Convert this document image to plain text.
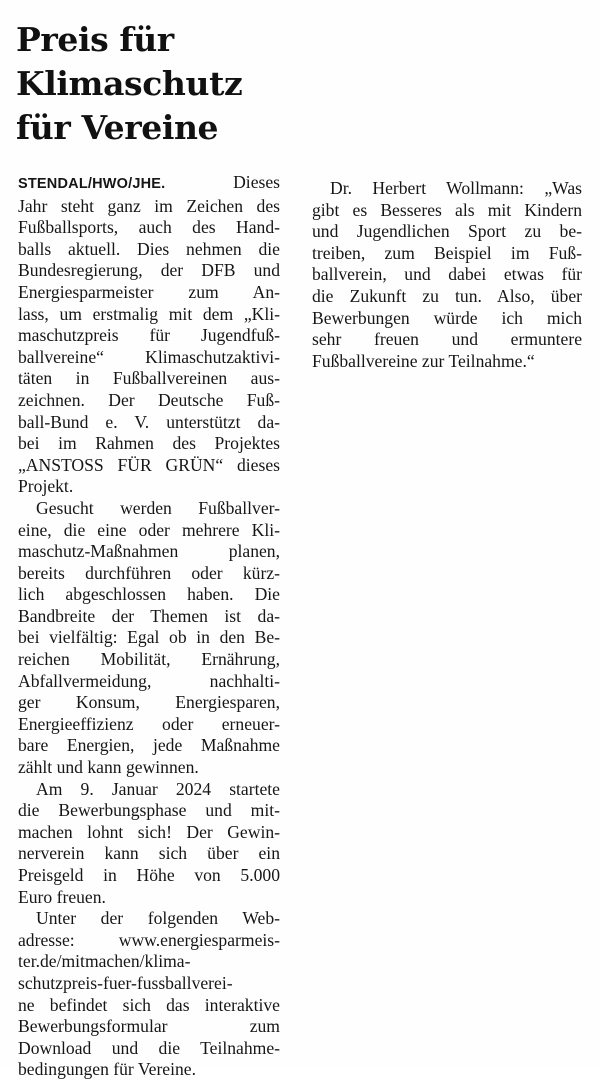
Preis für
Klimaschutz
für Vereine
STENDAL/HWO/JHE.	Dieses
Jahr steht ganz im Zeichen des
Fußballsports, auch des Hand-
balls aktuell. Dies nehmen die
Bundesregierung, der DFB und
Energiesparmeister zum An-
lass, um erstmalig mit dem „Kli-
maschutzpreis für Jugendfuß-
ballvereine“ Klimaschutzaktivi-
täten in Fußballvereinen aus-
zeichnen. Der Deutsche Fuß-
ball-Bund e. V. unterstützt da-
bei im Rahmen des Projektes
„ANSTOSS FÜR GRÜN“ dieses
Projekt.
Gesucht werden Fußballver-
eine, die eine oder mehrere Kli-
maschutz-Maßnahmen planen,
bereits durchführen oder kürz-
lich abgeschlossen haben. Die
Bandbreite der Themen ist da-
bei vielfältig: Egal ob in den Be-
reichen Mobilität, Ernährung,
Abfallvermeidung, nachhalti-
ger Konsum, Energiesparen,
Energieeffizienz oder erneuer-
bare Energien, jede Maßnahme
zählt und kann gewinnen.
Am 9. Januar 2024 startete
die Bewerbungsphase und mit-
machen lohnt sich! Der Gewin-
nerverein kann sich über ein
Preisgeld in Höhe von 5.000
Euro freuen.
Unter der folgenden Web-
adresse: www.energiesparmeis-
ter.de/mitmachen/klima-
schutzpreis-fuer-fussballverei-
ne befindet sich das interaktive
Bewerbungsformular zum
Download und die Teilnahme-
bedingungen für Vereine.
Dr. Herbert Wollmann: „Was
gibt es Besseres als mit Kindern
und Jugendlichen Sport zu be-
treiben, zum Beispiel im Fuß-
ballverein, und dabei etwas für
die Zukunft zu tun. Also, über
Bewerbungen würde ich mich
sehr freuen und ermuntere
Fußballvereine zur Teilnahme.“
